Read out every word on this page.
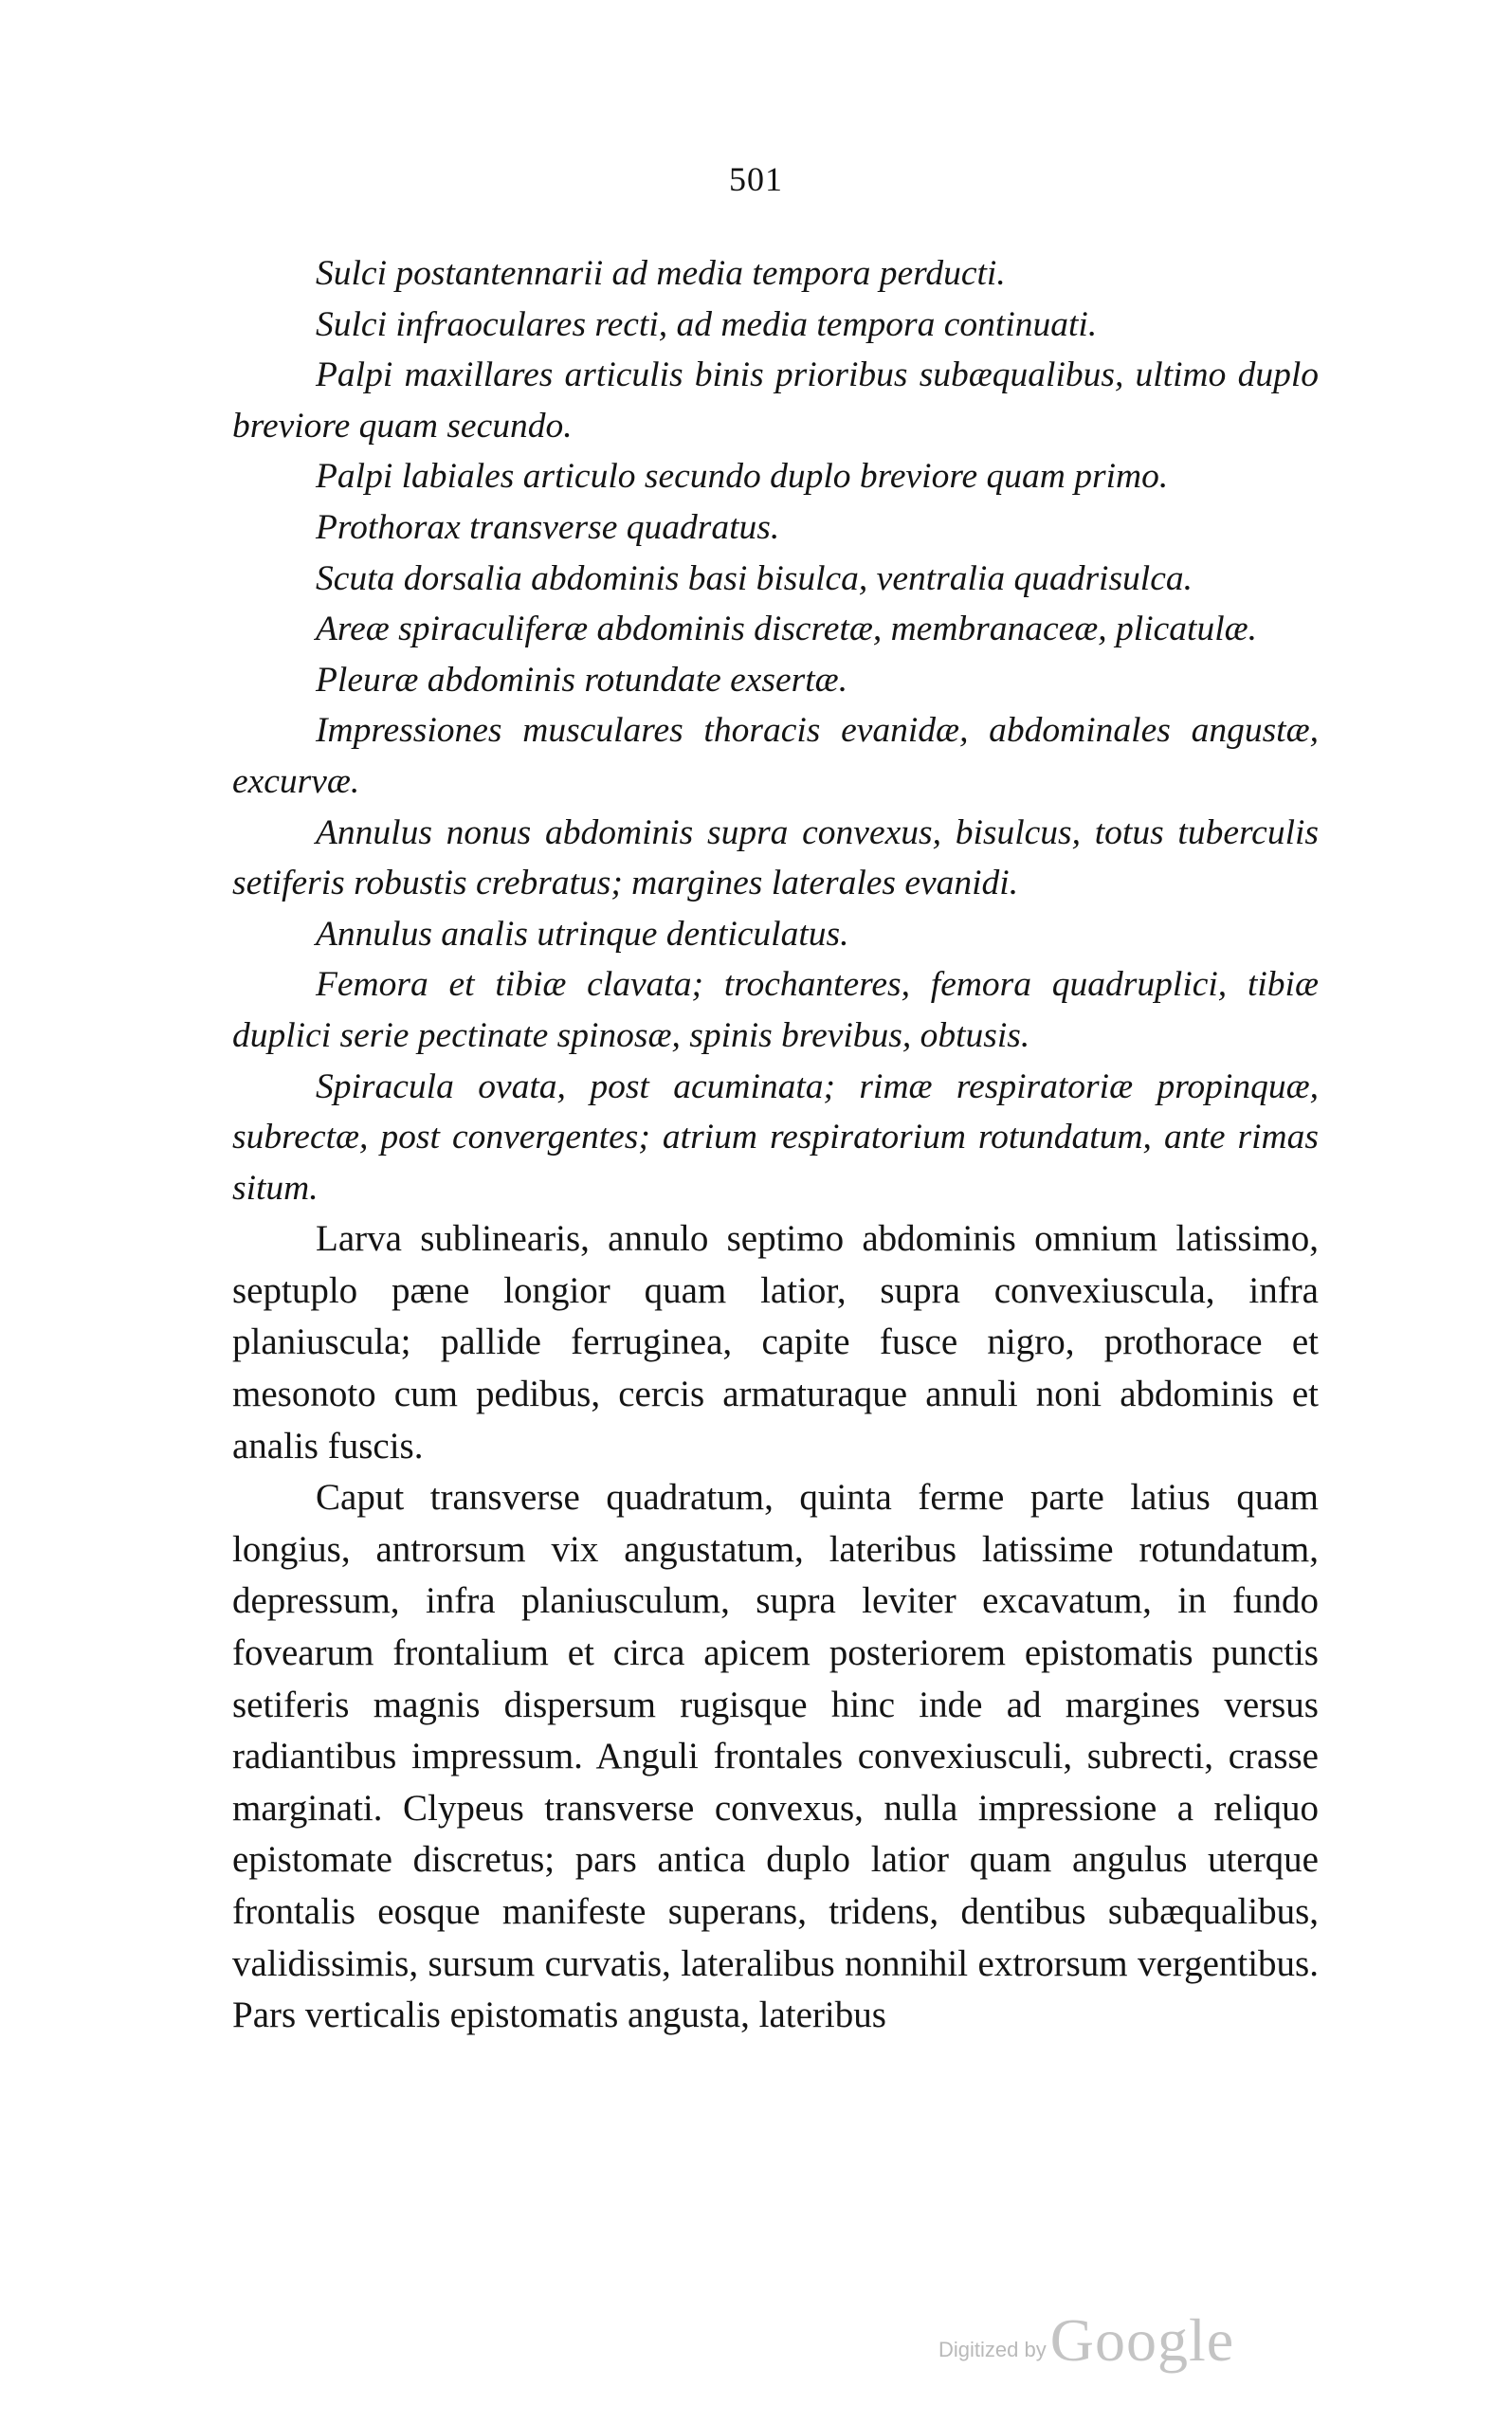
501

Sulci postantennarii ad media tempora perducti.

Sulci infraoculares recti, ad media tempora continuati.

Palpi maxillares articulis binis prioribus subæqualibus, ultimo duplo breviore quam secundo.

Palpi labiales articulo secundo duplo breviore quam primo.

Prothorax transverse quadratus.

Scuta dorsalia abdominis basi bisulca, ventralia quadrisulca.

Areæ spiraculiferæ abdominis discretæ, membranaceæ, plicatulæ.

Pleuræ abdominis rotundate exsertæ.

Impressiones musculares thoracis evanidæ, abdominales angustæ, excurvæ.

Annulus nonus abdominis supra convexus, bisulcus, totus tuberculis setiferis robustis crebratus; margines laterales evanidi.

Annulus analis utrinque denticulatus.

Femora et tibiæ clavata; trochanteres, femora quadruplici, tibiæ duplici serie pectinate spinosæ, spinis brevibus, obtusis.

Spiracula ovata, post acuminata; rimæ respiratoriæ propinquæ, subrectæ, post convergentes; atrium respiratorium rotundatum, ante rimas situm.

Larva sublinearis, annulo septimo abdominis omnium latissimo, septuplo pæne longior quam latior, supra convexiuscula, infra planiuscula; pallide ferruginea, capite fusce nigro, prothorace et mesonoto cum pedibus, cercis armaturaque annuli noni abdominis et analis fuscis.

Caput transverse quadratum, quinta ferme parte latius quam longius, antrorsum vix angustatum, lateribus latissime rotundatum, depressum, infra planiusculum, supra leviter excavatum, in fundo fovearum frontalium et circa apicem posteriorem epistomatis punctis setiferis magnis dispersum rugisque hinc inde ad margines versus radiantibus impressum. Anguli frontales convexiusculi, subrecti, crasse marginati. Clypeus transverse convexus, nulla impressione a reliquo epistomate discretus; pars antica duplo latior quam angulus uterque frontalis eosque manifeste superans, tridens, dentibus subæqualibus, validissimis, sursum curvatis, lateralibus nonnihil extrorsum vergentibus. Pars verticalis epistomatis angusta, lateribus

Digitized by Google
